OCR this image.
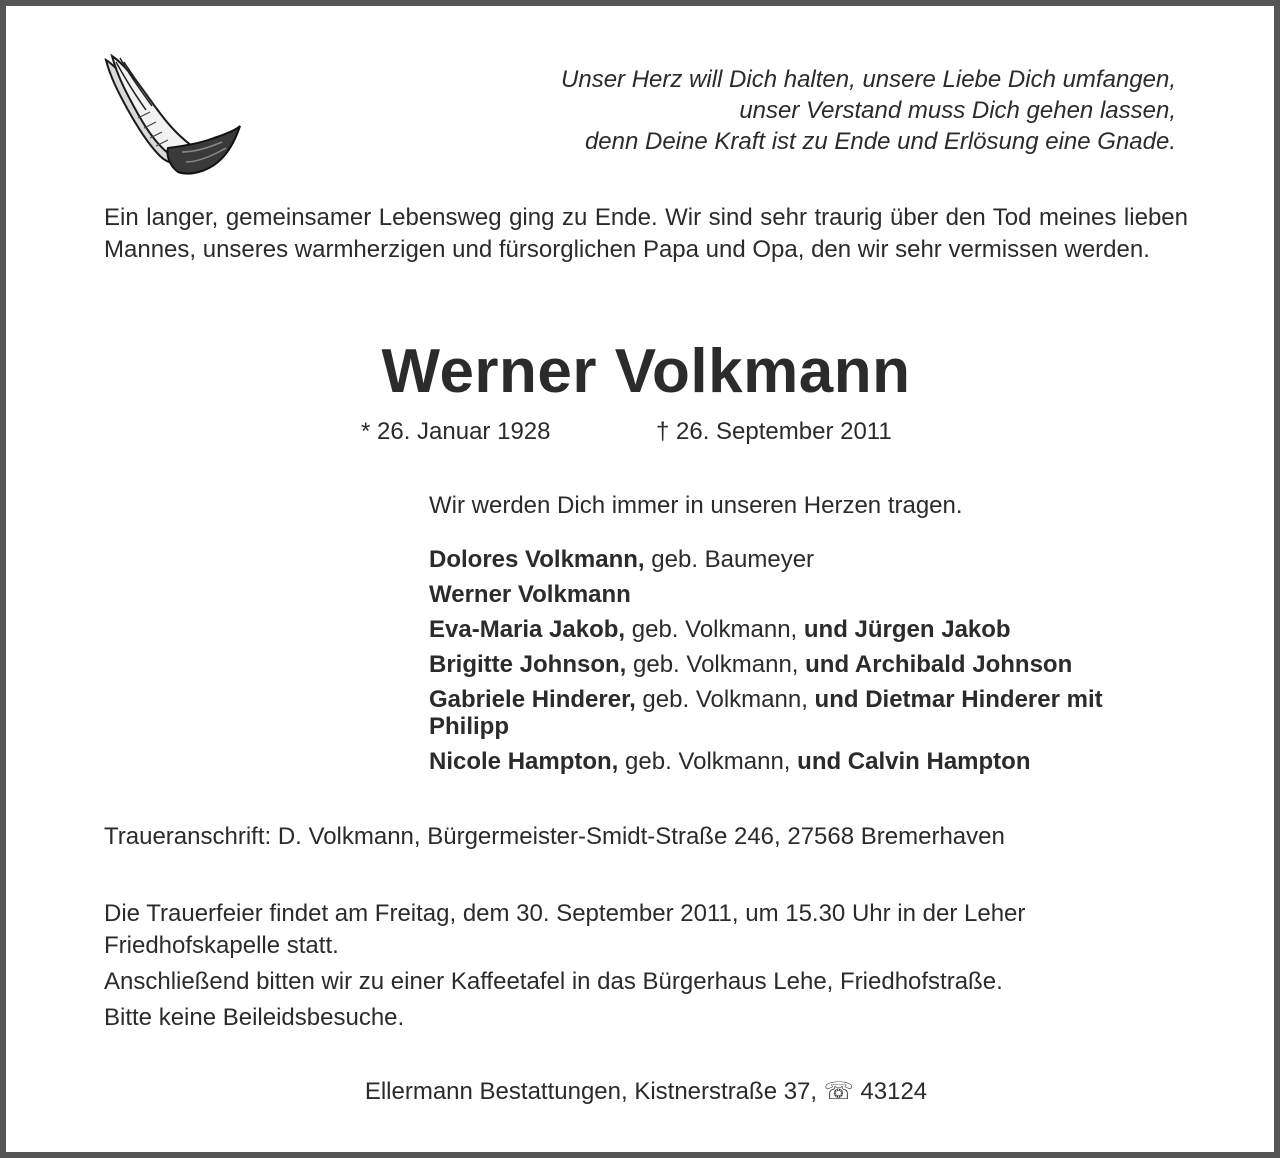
Unser Herz will Dich halten, unsere Liebe Dich umfangen,
unser Verstand muss Dich gehen lassen,
denn Deine Kraft ist zu Ende und Erlösung eine Gnade.
Ein langer, gemeinsamer Lebensweg ging zu Ende. Wir sind sehr traurig über den Tod meines lieben Mannes, unseres warmherzigen und fürsorglichen Papa und Opa, den wir sehr vermissen werden.
Werner Volkmann
* 26. Januar 1928	† 26. September 2011
Wir werden Dich immer in unseren Herzen tragen.
Dolores Volkmann, geb. Baumeyer
Werner Volkmann
Eva-Maria Jakob, geb. Volkmann, und Jürgen Jakob
Brigitte Johnson, geb. Volkmann, und Archibald Johnson
Gabriele Hinderer, geb. Volkmann, und Dietmar Hinderer mit Philipp
Nicole Hampton, geb. Volkmann, und Calvin Hampton
Traueranschrift: D. Volkmann, Bürgermeister-Smidt-Straße 246, 27568 Bremerhaven

Die Trauerfeier findet am Freitag, dem 30. September 2011, um 15.30 Uhr in der Leher Friedhofskapelle statt.

Anschließend bitten wir zu einer Kaffeetafel in das Bürgerhaus Lehe, Friedhofstraße.

Bitte keine Beileidsbesuche.

Ellermann Bestattungen, Kistnerstraße 37, ☏ 43124
